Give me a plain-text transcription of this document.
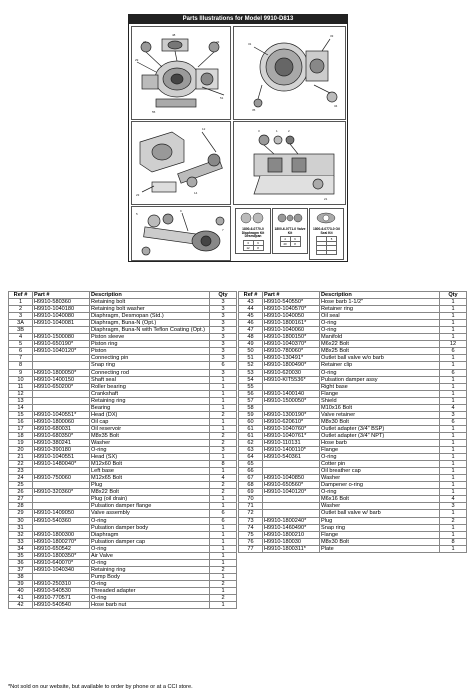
Parts Illustrations for Model 9910-D813
29
51
44	43
48
55
31
33
35
34
12
23	14
3	1	2
21
9
5
7	1800-6-0770-0 Diaphragm Kit Desmopan
3	6
12	8
1800-6-0771-0 Valve Kit
4	6
20	8
1800-6-0773-0 Oil Seal Kit
	5

Ref #	Part #	Description	Qty
1	H9910-580360	Retaining bolt	3
2	H9910-1040180	Retaining bolt washer	3
3	H9910-1040080	Diaphragm, Desmopan (Std.)	3
3A	H9910-1040081	Diaphragm, Buna-N (Opt.)	3
3B		Diaphragm, Buna-N with Teflon Coating (Opt.)	3
4	H9910-1500080	Piston sleeve	3
5	H9910-650190*	Piston ring	3
6	H9910-1040120*	Piston	3
7		Connecting pin	3
8		Snap ring	6
9	H9910-1800050*	Connecting rod	3
10	H9910-1400150	Shaft seal	1
11	H9910-650200*	Roller bearing	1
12		Crankshaft	1
13		Retaining ring	1
14		Bearing	1
15	H9910-1040551*	Head (DX)	2
16	H9910-1800060	Oil cap	1
17	H9910-680031	Oil reservoir	1
18	H9910-680350*	M8x35 Bolt	2
19	H9910-380241	Washer	2
20	H9910-390180	O-ring	3
21	H9910-1040551	Head (SX)	1
22	H9910-1480040*	M12x60 Bolt	8
23		Left base	1
24	H9910-750060	M12x65 Bolt	4
25		Plug	2
26	H9910-320360*	M8x22 Bolt	2
27		Plug (oil drain)	1
28		Pulsation damper flange	1
29	H9910-1409050	Valve assembly	6
30	H9910-540360	O-ring	6
31		Pulsation damper body	1
32	H9910-1800300	Diaphragm	1
33	H9910-1800270*	Pulsation damper cap	1
34	H9910-650542	O-ring	1
35	H9910-1800350*	Air Valve	1
36	H9910-640070*	O-ring	1
37	H9910-1040340	Retaining ring	2
38		Pump Body	1
39	H9910-250310	O-ring	2
40	H9910-540530	Threaded adapter	1
41	H9910-770571	O-ring	2
42	H9910-540540	Hose barb nut	1
Ref #	Part #	Description	Qty
43	H9910-540550*	Hose barb 1-1/2"	1
44	H9910-1040570*	Retainer ring	1
45	H9910-1040050	Oil seal	1
46	H9910-1800161*	O-ring	1
47	H9910-1040060	O-ring	1
48	H9910-1800150*	Manifold	1
49	H9910-1040370*	M6x22 Bolt	12
50	H9910-780060*	M8x25 Bolt	6
51	H9910-130491*	Outlet ball valve w/o barb	1
52	H9910-1800490*	Retainer clip	1
53	H9910-620030	O-ring	6
54	H9910-KIT5536*	Pulsation damper assy	1
55		Right base	1
56	H9910-1400140	Flange	1
57	H9910-1500050*	Shield	1
58		M10x16 Bolt	4
59	H9910-1300190*	Valve retainer	3
60	H9910-620610*	M8x30 Bolt	6
61	H9910-1040760*	Outlet adapter (3/4" BSP)	1
61	H9910-1040761*	Outlet adapter (3/4" NPT)	1
62	H9910-110131	Hose barb	1
63	H9910-1400110*	Flange	1
64	H9910-540361	O-ring	1
65		Cotter pin	1
66		Oil breather cap	1
67	H9910-1040850	Washer	1
68	H9910-650560*	Dampener o-ring	1
69	H9910-1040120*	O-ring	1
70		M6x16 Bolt	4
71		Washer	3
72		Outlet ball valve w/ barb	1
73	H9910-1800240*	Plug	2
74	H9910-1460490*	Snap ring	1
75	H9910-1800210	Flange	1
76	H9910-180030	M8x30 Bolt	8
77	H9910-1800311*	Plate	1
*Not sold on our website, but available to order by phone or at a CCI store.
